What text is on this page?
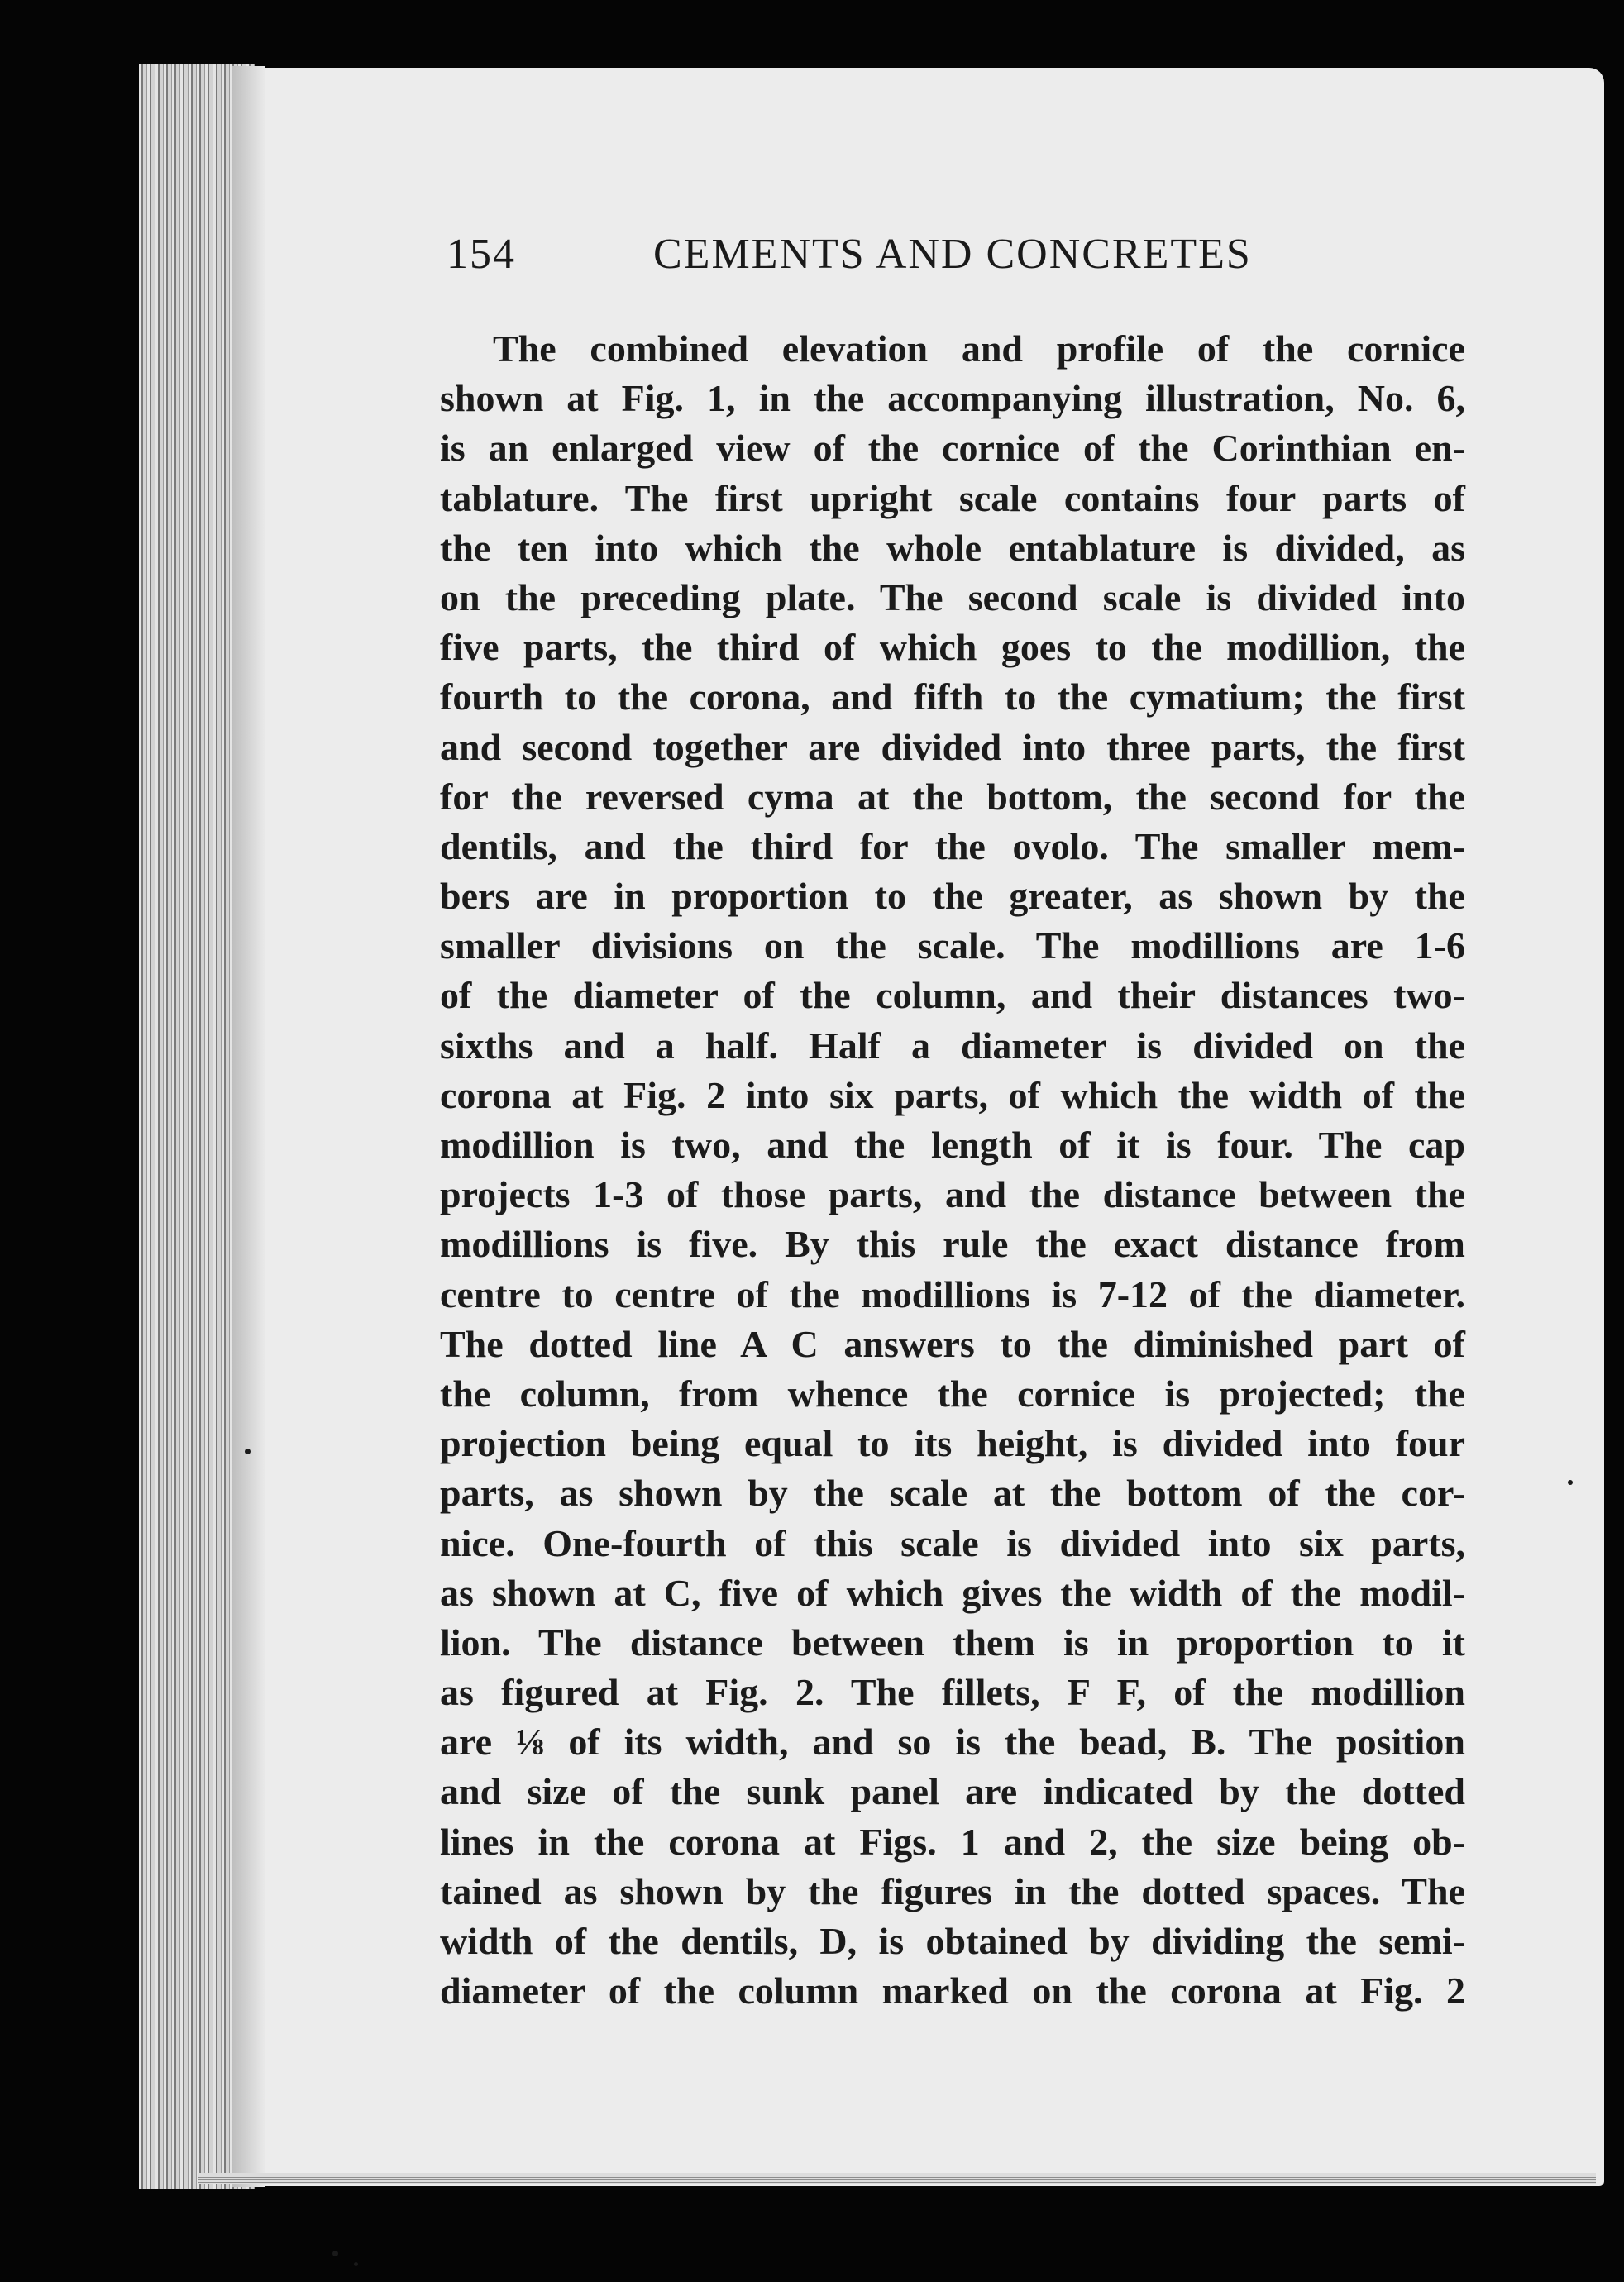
154	CEMENTS AND CONCRETES
The combined elevation and profile of the cornice
shown at Fig. 1, in the accompanying illustration, No. 6,
is an enlarged view of the cornice of the Corinthian en-
tablature. The first upright scale contains four parts of
the ten into which the whole entablature is divided, as
on the preceding plate. The second scale is divided into
five parts, the third of which goes to the modillion, the
fourth to the corona, and fifth to the cymatium; the first
and second together are divided into three parts, the first
for the reversed cyma at the bottom, the second for the
dentils, and the third for the ovolo. The smaller mem-
bers are in proportion to the greater, as shown by the
smaller divisions on the scale. The modillions are 1-6
of the diameter of the column, and their distances two-
sixths and a half. Half a diameter is divided on the
corona at Fig. 2 into six parts, of which the width of the
modillion is two, and the length of it is four. The cap
projects 1-3 of those parts, and the distance between the
modillions is five. By this rule the exact distance from
centre to centre of the modillions is 7-12 of the diameter.
The dotted line A C answers to the diminished part of
the column, from whence the cornice is projected; the
projection being equal to its height, is divided into four
parts, as shown by the scale at the bottom of the cor-
nice. One-fourth of this scale is divided into six parts,
as shown at C, five of which gives the width of the modil-
lion. The distance between them is in proportion to it
as figured at Fig. 2. The fillets, F F, of the modillion
are ⅛ of its width, and so is the bead, B. The position
and size of the sunk panel are indicated by the dotted
lines in the corona at Figs. 1 and 2, the size being ob-
tained as shown by the figures in the dotted spaces. The
width of the dentils, D, is obtained by dividing the semi-
diameter of the column marked on the corona at Fig. 2
